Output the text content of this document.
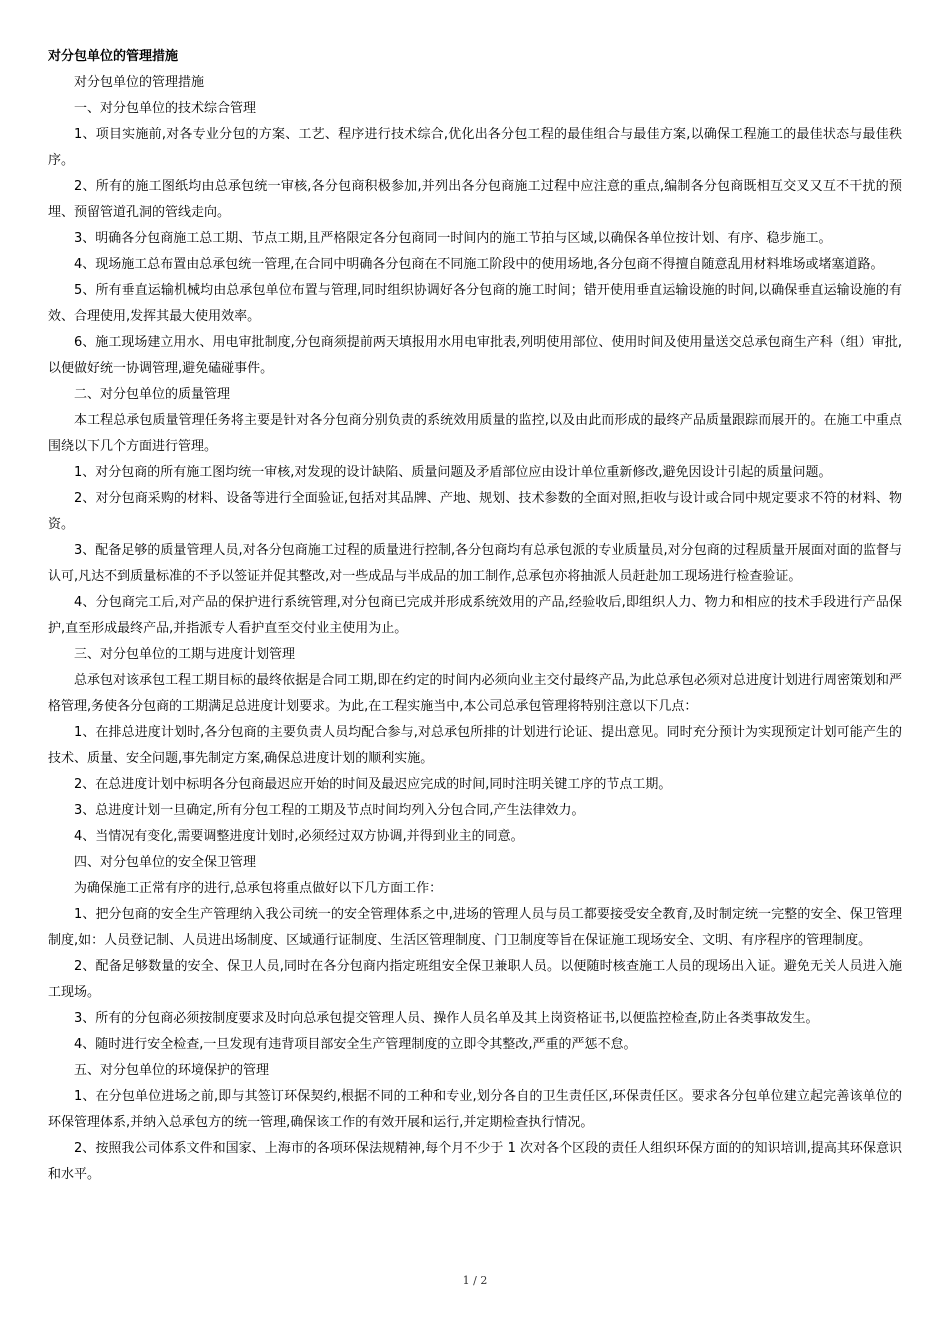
对分包单位的管理措施

对分包单位的管理措施

一、对分包单位的技术综合管理

1、项目实施前,对各专业分包的方案、工艺、程序进行技术综合,优化出各分包工程的最佳组合与最佳方案,以确保工程施工的最佳状态与最佳秩序。

2、所有的施工图纸均由总承包统一审核,各分包商积极参加,并列出各分包商施工过程中应注意的重点,编制各分包商既相互交叉又互不干扰的预埋、预留管道孔洞的管线走向。

3、明确各分包商施工总工期、节点工期,且严格限定各分包商同一时间内的施工节拍与区域,以确保各单位按计划、有序、稳步施工。

4、现场施工总布置由总承包统一管理,在合同中明确各分包商在不同施工阶段中的使用场地,各分包商不得擅自随意乱用材料堆场或堵塞道路。

5、所有垂直运输机械均由总承包单位布置与管理,同时组织协调好各分包商的施工时间；错开使用垂直运输设施的时间,以确保垂直运输设施的有效、合理使用,发挥其最大使用效率。

6、施工现场建立用水、用电审批制度,分包商须提前两天填报用水用电审批表,列明使用部位、使用时间及使用量送交总承包商生产科（组）审批,以便做好统一协调管理,避免磕碰事件。

二、对分包单位的质量管理

本工程总承包质量管理任务将主要是针对各分包商分别负责的系统效用质量的监控,以及由此而形成的最终产品质量跟踪而展开的。在施工中重点围绕以下几个方面进行管理。

1、对分包商的所有施工图均统一审核,对发现的设计缺陷、质量问题及矛盾部位应由设计单位重新修改,避免因设计引起的质量问题。

2、对分包商采购的材料、设备等进行全面验证,包括对其品牌、产地、规划、技术参数的全面对照,拒收与设计或合同中规定要求不符的材料、物资。

3、配备足够的质量管理人员,对各分包商施工过程的质量进行控制,各分包商均有总承包派的专业质量员,对分包商的过程质量开展面对面的监督与认可,凡达不到质量标准的不予以签证并促其整改,对一些成品与半成品的加工制作,总承包亦将抽派人员赶赴加工现场进行检查验证。

4、分包商完工后,对产品的保护进行系统管理,对分包商已完成并形成系统效用的产品,经验收后,即组织人力、物力和相应的技术手段进行产品保护,直至形成最终产品,并指派专人看护直至交付业主使用为止。

三、对分包单位的工期与进度计划管理

总承包对该承包工程工期目标的最终依据是合同工期,即在约定的时间内必须向业主交付最终产品,为此总承包必须对总进度计划进行周密策划和严格管理,务使各分包商的工期满足总进度计划要求。为此,在工程实施当中,本公司总承包管理将特别注意以下几点：

1、在排总进度计划时,各分包商的主要负责人员均配合参与,对总承包所排的计划进行论证、提出意见。同时充分预计为实现预定计划可能产生的技术、质量、安全问题,事先制定方案,确保总进度计划的顺利实施。

2、在总进度计划中标明各分包商最迟应开始的时间及最迟应完成的时间,同时注明关键工序的节点工期。

3、总进度计划一旦确定,所有分包工程的工期及节点时间均列入分包合同,产生法律效力。

4、当情况有变化,需要调整进度计划时,必须经过双方协调,并得到业主的同意。

四、对分包单位的安全保卫管理

为确保施工正常有序的进行,总承包将重点做好以下几方面工作：

1、把分包商的安全生产管理纳入我公司统一的安全管理体系之中,进场的管理人员与员工都要接受安全教育,及时制定统一完整的安全、保卫管理制度,如：人员登记制、人员进出场制度、区域通行证制度、生活区管理制度、门卫制度等旨在保证施工现场安全、文明、有序程序的管理制度。

2、配备足够数量的安全、保卫人员,同时在各分包商内指定班组安全保卫兼职人员。以便随时核查施工人员的现场出入证。避免无关人员进入施工现场。

3、所有的分包商必须按制度要求及时向总承包提交管理人员、操作人员名单及其上岗资格证书,以便监控检查,防止各类事故发生。

4、随时进行安全检查,一旦发现有违背项目部安全生产管理制度的立即令其整改,严重的严惩不怠。

五、对分包单位的环境保护的管理

1、在分包单位进场之前,即与其签订环保契约,根据不同的工种和专业,划分各自的卫生责任区,环保责任区。要求各分包单位建立起完善该单位的环保管理体系,并纳入总承包方的统一管理,确保该工作的有效开展和运行,并定期检查执行情况。

2、按照我公司体系文件和国家、上海市的各项环保法规精神,每个月不少于 1 次对各个区段的责任人组织环保方面的的知识培训,提高其环保意识和水平。

1 / 2
